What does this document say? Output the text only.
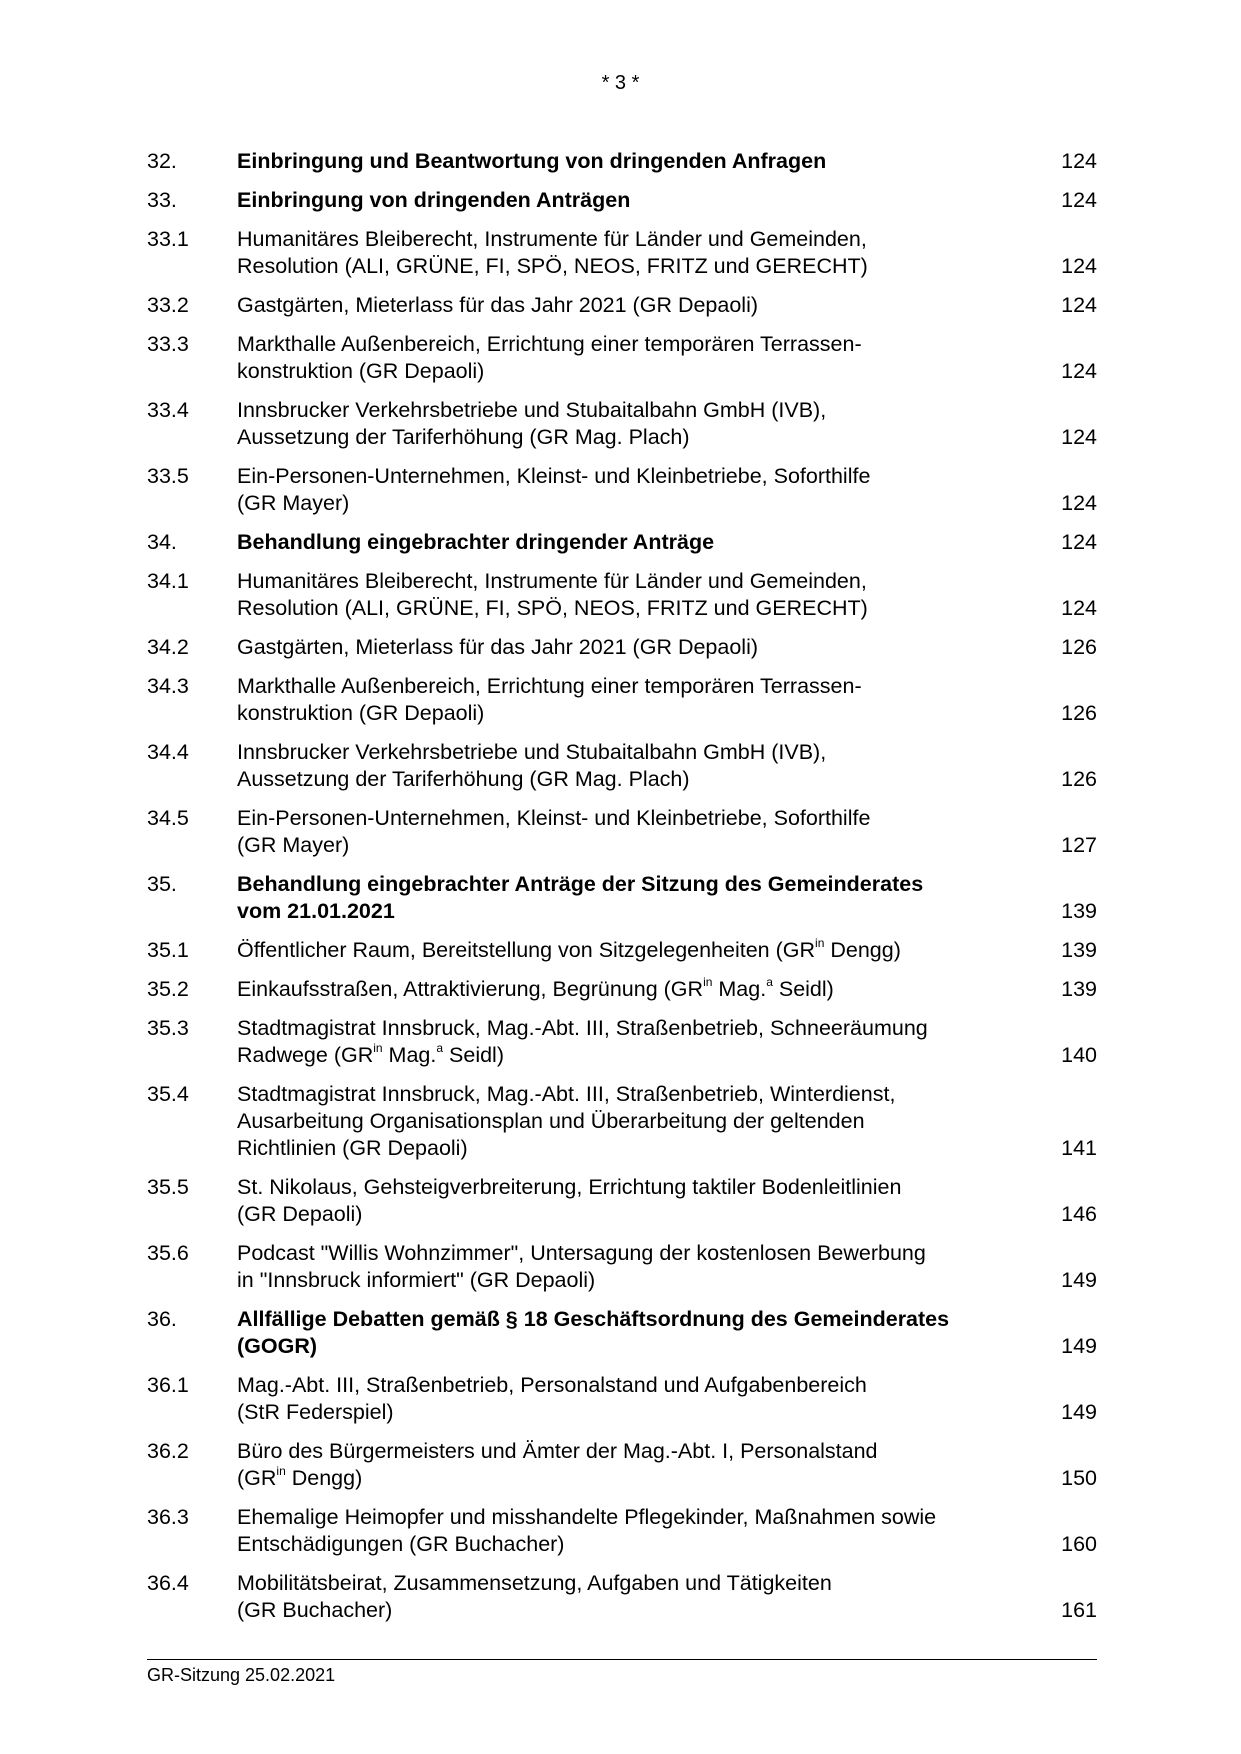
* 3 *
32.	Einbringung und Beantwortung von dringenden Anfragen	124
33.	Einbringung von dringenden Anträgen	124
33.1	Humanitäres Bleiberecht, Instrumente für Länder und Gemeinden,
Resolution (ALI, GRÜNE, FI, SPÖ, NEOS, FRITZ und GERECHT)	124
33.2	Gastgärten, Mieterlass für das Jahr 2021 (GR Depaoli)	124
33.3	Markthalle Außenbereich, Errichtung einer temporären Terrassen-
konstruktion (GR Depaoli)	124
33.4	Innsbrucker Verkehrsbetriebe und Stubaitalbahn GmbH (IVB),
Aussetzung der Tariferhöhung (GR Mag. Plach)	124
33.5	Ein-Personen-Unternehmen, Kleinst- und Kleinbetriebe, Soforthilfe
(GR Mayer)	124
34.	Behandlung eingebrachter dringender Anträge	124
34.1	Humanitäres Bleiberecht, Instrumente für Länder und Gemeinden,
Resolution (ALI, GRÜNE, FI, SPÖ, NEOS, FRITZ und GERECHT)	124
34.2	Gastgärten, Mieterlass für das Jahr 2021 (GR Depaoli)	126
34.3	Markthalle Außenbereich, Errichtung einer temporären Terrassen-
konstruktion (GR Depaoli)	126
34.4	Innsbrucker Verkehrsbetriebe und Stubaitalbahn GmbH (IVB),
Aussetzung der Tariferhöhung (GR Mag. Plach)	126
34.5	Ein-Personen-Unternehmen, Kleinst- und Kleinbetriebe, Soforthilfe
(GR Mayer)	127
35.	Behandlung eingebrachter Anträge der Sitzung des Gemeinderates
vom 21.01.2021	139
35.1	Öffentlicher Raum, Bereitstellung von Sitzgelegenheiten ($GR^{in}$ Dengg)	139
35.2	Einkaufsstraßen, Attraktivierung, Begrünung ($GR^{in}$ Mag.$^a$ Seidl)	139
35.3	Stadtmagistrat Innsbruck, Mag.-Abt. III, Straßenbetrieb, Schneeräumung
Radwege ($GR^{in}$ Mag.$^a$ Seidl)	140
35.4	Stadtmagistrat Innsbruck, Mag.-Abt. III, Straßenbetrieb, Winterdienst,
Ausarbeitung Organisationsplan und Überarbeitung der geltenden
Richtlinien (GR Depaoli)	141
35.5	St. Nikolaus, Gehsteigverbreiterung, Errichtung taktiler Bodenleitlinien
(GR Depaoli)	146
35.6	Podcast "Willis Wohnzimmer", Untersagung der kostenlosen Bewerbung
in "Innsbruck informiert" (GR Depaoli)	149
36.	Allfällige Debatten gemäß § 18 Geschäftsordnung des Gemeinderates
(GOGR)	149
36.1	Mag.-Abt. III, Straßenbetrieb, Personalstand und Aufgabenbereich
(StR Federspiel)	149
36.2	Büro des Bürgermeisters und Ämter der Mag.-Abt. I, Personalstand
($GR^{in}$ Dengg)	150
36.3	Ehemalige Heimopfer und misshandelte Pflegekinder, Maßnahmen sowie
Entschädigungen (GR Buchacher)	160
36.4	Mobilitätsbeirat, Zusammensetzung, Aufgaben und Tätigkeiten
(GR Buchacher)	161
GR-Sitzung 25.02.2021
